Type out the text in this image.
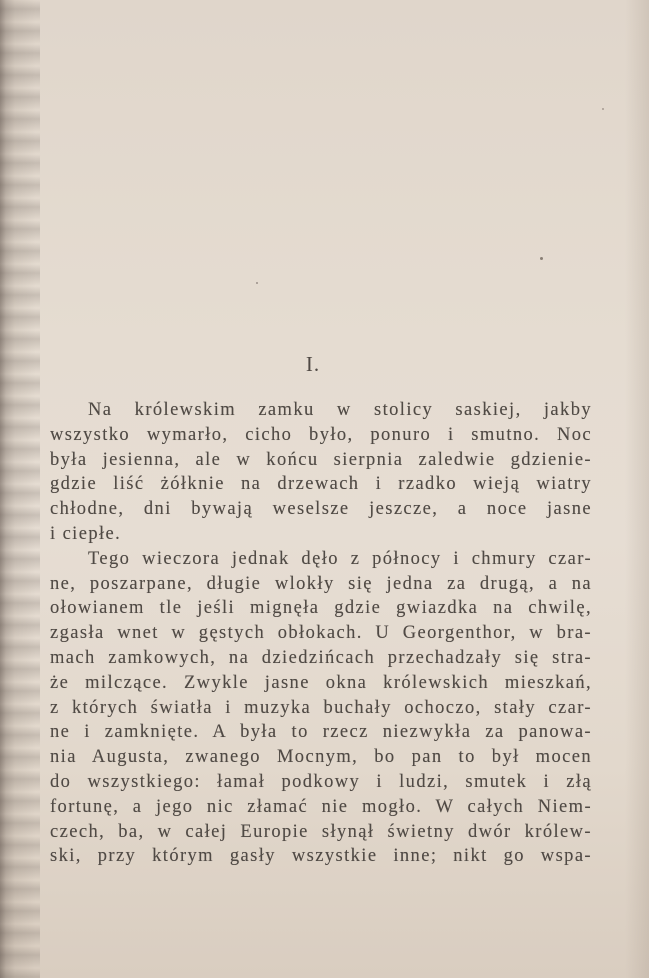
I.
Na królewskim zamku w stolicy saskiej, jakby
wszystko wymarło, cicho było, ponuro i smutno. Noc
była jesienna, ale w końcu sierpnia zaledwie gdzienie-
gdzie liść żółknie na drzewach i rzadko wieją wiatry
chłodne, dni bywają weselsze jeszcze, a noce jasne
i ciepłe.
Tego wieczora jednak dęło z północy i chmury czar-
ne, poszarpane, długie wlokły się jedna za drugą, a na
ołowianem tle jeśli mignęła gdzie gwiazdka na chwilę,
zgasła wnet w gęstych obłokach. U Georgenthor, w bra-
mach zamkowych, na dziedzińcach przechadzały się stra-
że milczące. Zwykle jasne okna królewskich mieszkań,
z których światła i muzyka buchały ochoczo, stały czar-
ne i zamknięte. A była to rzecz niezwykła za panowa-
nia Augusta, zwanego Mocnym, bo pan to był mocen
do wszystkiego: łamał podkowy i ludzi, smutek i złą
fortunę, a jego nic złamać nie mogło. W całych Niem-
czech, ba, w całej Europie słynął świetny dwór królew-
ski, przy którym gasły wszystkie inne; nikt go wspa-
